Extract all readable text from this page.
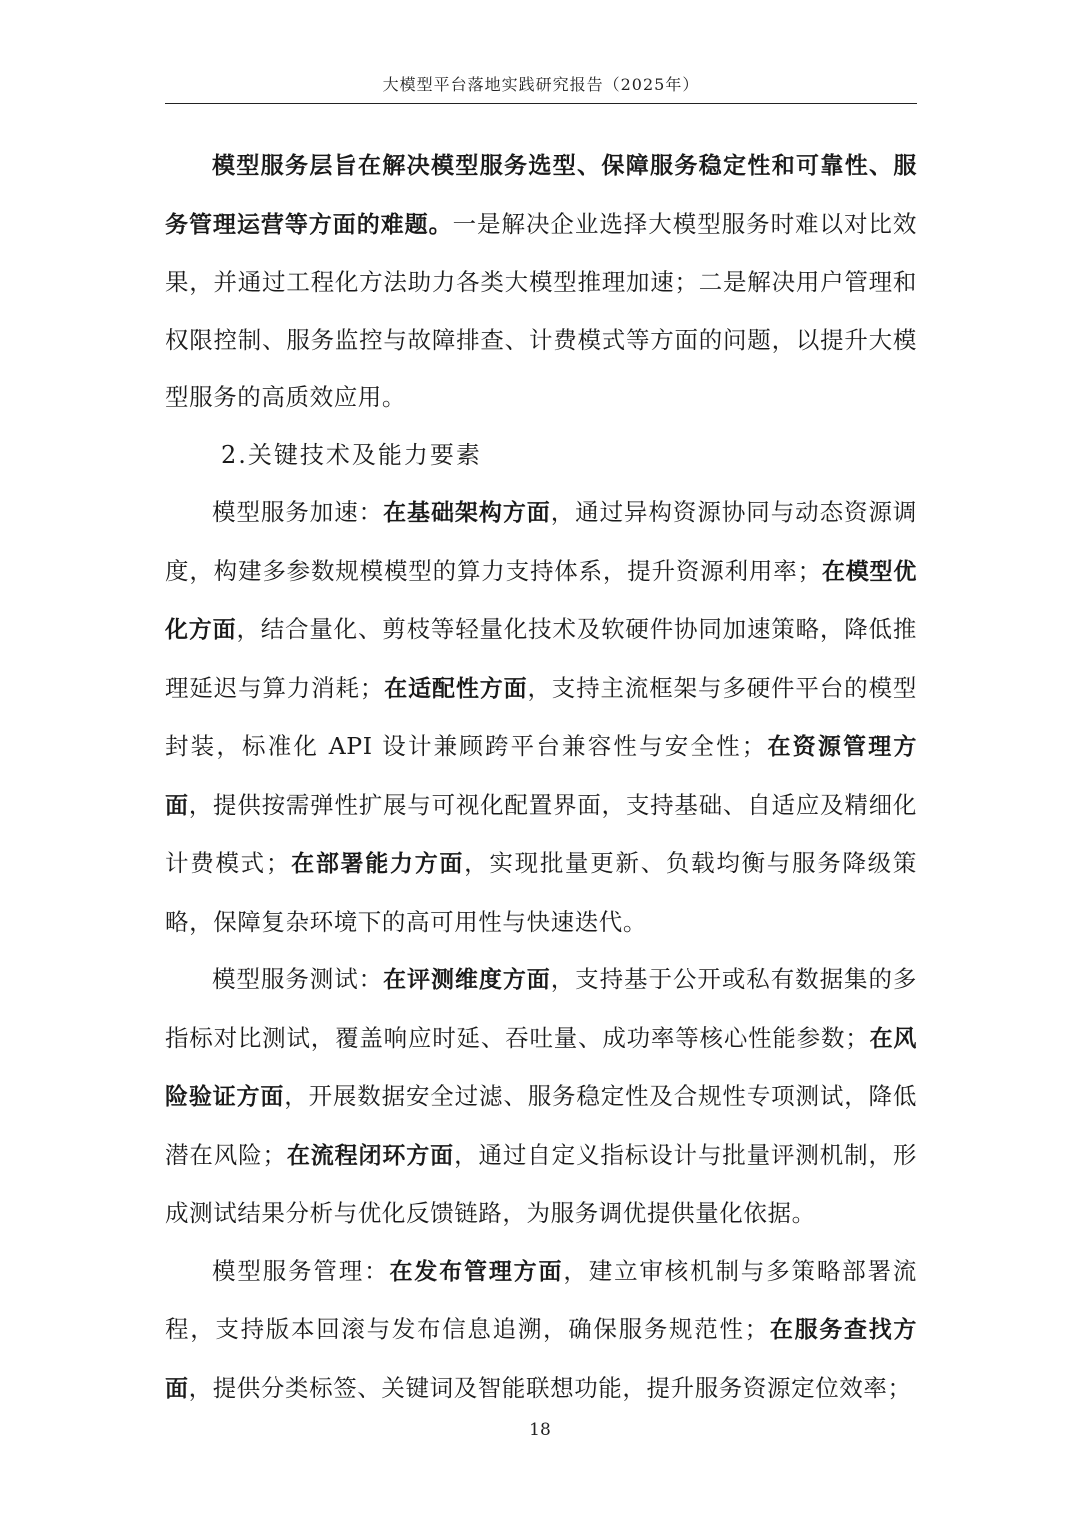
大模型平台落地实践研究报告（2025年）

模型服务层旨在解决模型服务选型、保障服务稳定性和可靠性、服务管理运营等方面的难题。一是解决企业选择大模型服务时难以对比效果，并通过工程化方法助力各类大模型推理加速；二是解决用户管理和权限控制、服务监控与故障排查、计费模式等方面的问题，以提升大模型服务的高质效应用。

2.关键技术及能力要素

模型服务加速：在基础架构方面，通过异构资源协同与动态资源调度，构建多参数规模模型的算力支持体系，提升资源利用率；在模型优化方面，结合量化、剪枝等轻量化技术及软硬件协同加速策略，降低推理延迟与算力消耗；在适配性方面，支持主流框架与多硬件平台的模型封装，标准化 API 设计兼顾跨平台兼容性与安全性；在资源管理方面，提供按需弹性扩展与可视化配置界面，支持基础、自适应及精细化计费模式；在部署能力方面，实现批量更新、负载均衡与服务降级策略，保障复杂环境下的高可用性与快速迭代。

模型服务测试：在评测维度方面，支持基于公开或私有数据集的多指标对比测试，覆盖响应时延、吞吐量、成功率等核心性能参数；在风险验证方面，开展数据安全过滤、服务稳定性及合规性专项测试，降低潜在风险；在流程闭环方面，通过自定义指标设计与批量评测机制，形成测试结果分析与优化反馈链路，为服务调优提供量化依据。

模型服务管理：在发布管理方面，建立审核机制与多策略部署流程，支持版本回滚与发布信息追溯，确保服务规范性；在服务查找方面，提供分类标签、关键词及智能联想功能，提升服务资源定位效率；

18
